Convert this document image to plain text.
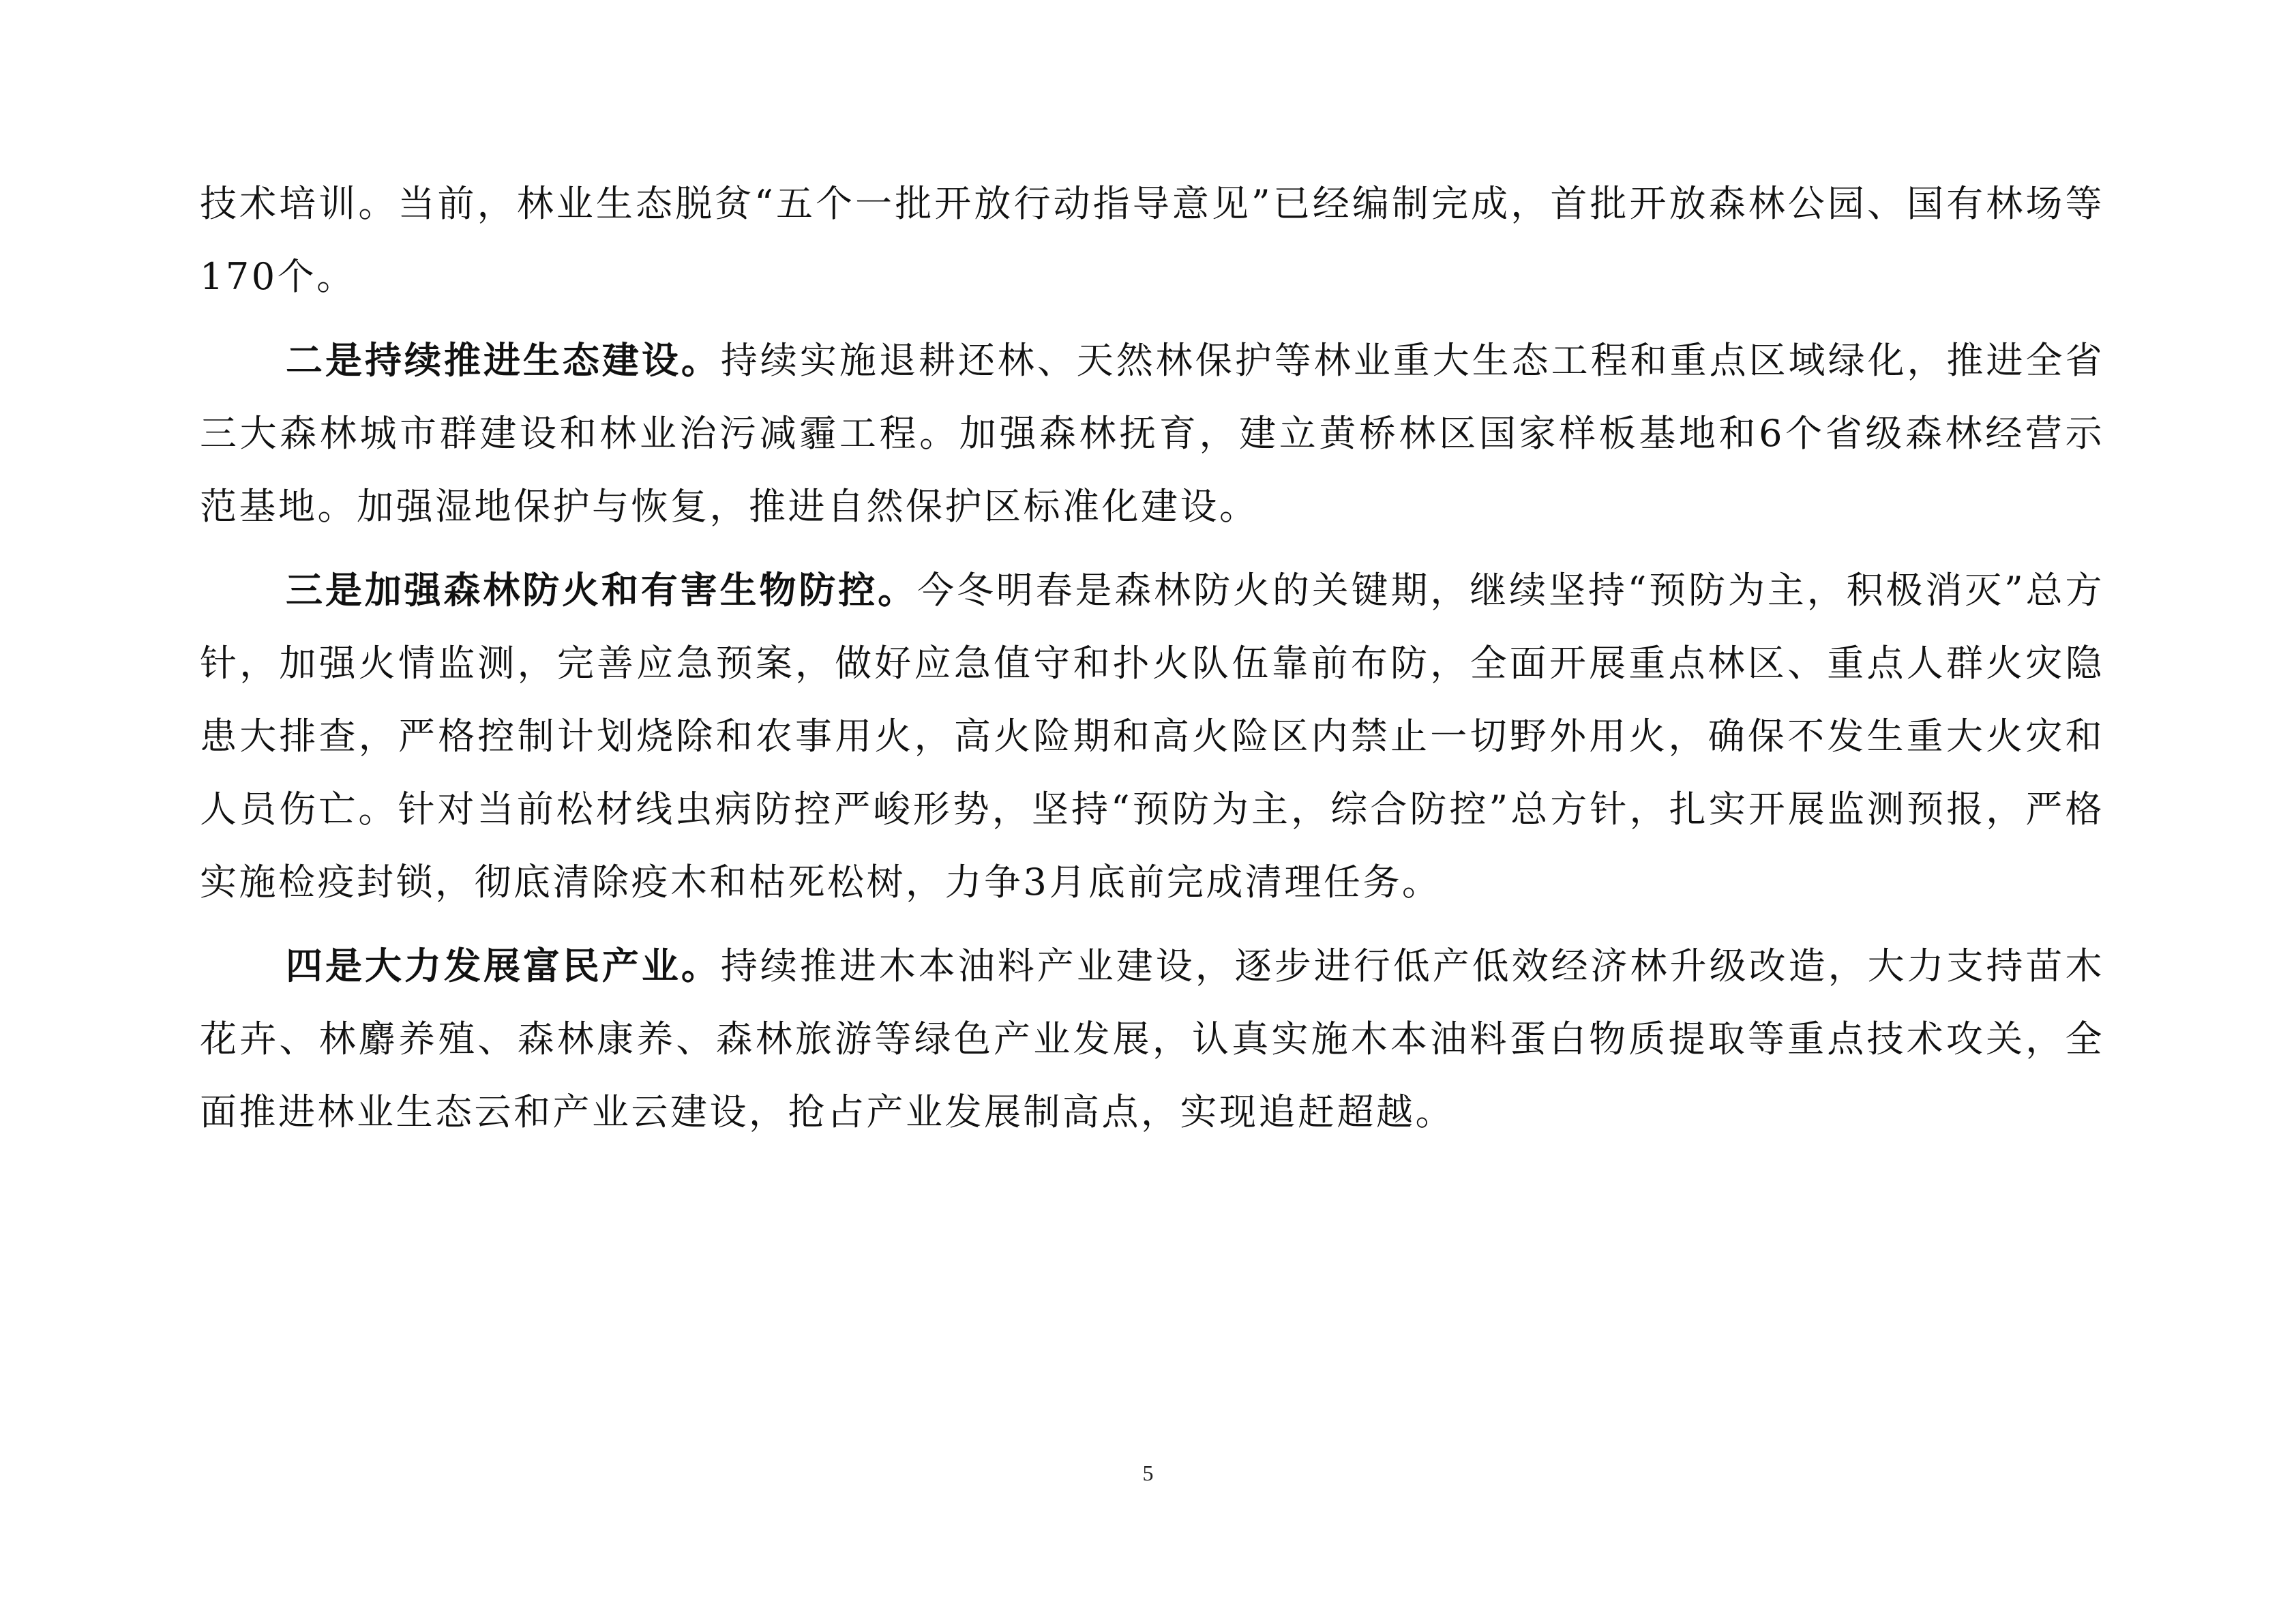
技术培训。当前，林业生态脱贫“五个一批开放行动指导意见”已经编制完成，首批开放森林公园、国有林场等170个。

二是持续推进生态建设。持续实施退耕还林、天然林保护等林业重大生态工程和重点区域绿化，推进全省三大森林城市群建设和林业治污减霾工程。加强森林抚育，建立黄桥林区国家样板基地和6个省级森林经营示范基地。加强湿地保护与恢复，推进自然保护区标准化建设。

三是加强森林防火和有害生物防控。今冬明春是森林防火的关键期，继续坚持“预防为主，积极消灭”总方针，加强火情监测，完善应急预案，做好应急值守和扑火队伍靠前布防，全面开展重点林区、重点人群火灾隐患大排查，严格控制计划烧除和农事用火，高火险期和高火险区内禁止一切野外用火，确保不发生重大火灾和人员伤亡。针对当前松材线虫病防控严峻形势，坚持“预防为主，综合防控”总方针，扎实开展监测预报，严格实施检疫封锁，彻底清除疫木和枯死松树，力争3月底前完成清理任务。

四是大力发展富民产业。持续推进木本油料产业建设，逐步进行低产低效经济林升级改造，大力支持苗木花卉、林麝养殖、森林康养、森林旅游等绿色产业发展，认真实施木本油料蛋白物质提取等重点技术攻关，全面推进林业生态云和产业云建设，抢占产业发展制高点，实现追赶超越。

5
